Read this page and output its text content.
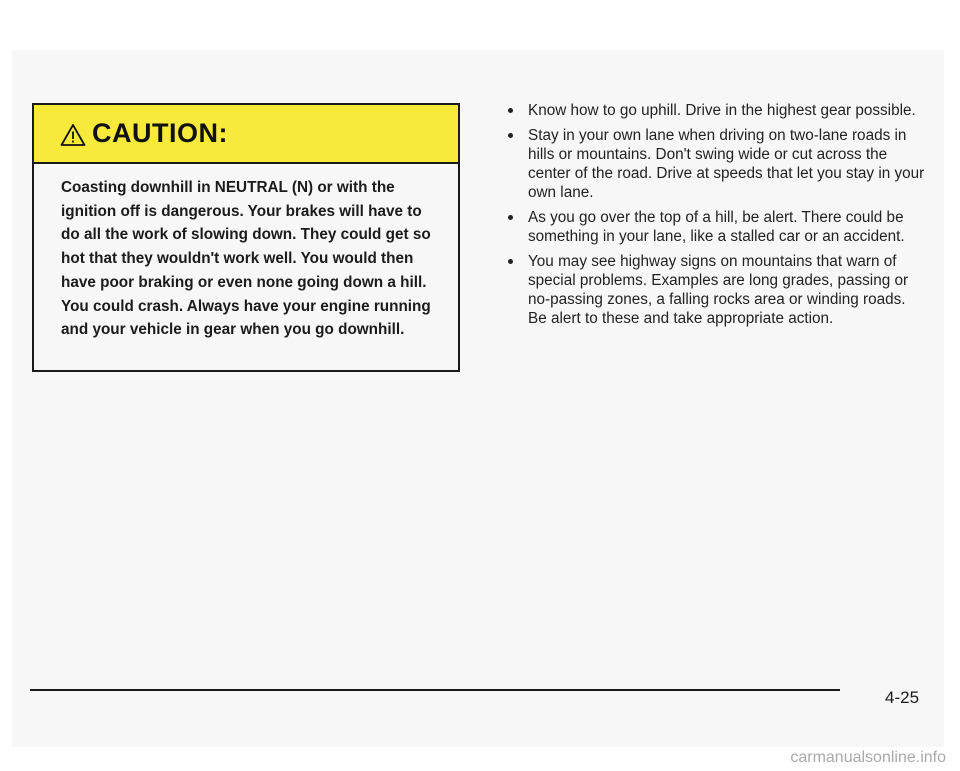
CAUTION:

Coasting downhill in NEUTRAL (N) or with the ignition off is dangerous. Your brakes will have to do all the work of slowing down. They could get so hot that they wouldn't work well. You would then have poor braking or even none going down a hill. You could crash. Always have your engine running and your vehicle in gear when you go downhill.

Know how to go uphill. Drive in the highest gear possible.
Stay in your own lane when driving on two-lane roads in hills or mountains. Don't swing wide or cut across the center of the road. Drive at speeds that let you stay in your own lane.
As you go over the top of a hill, be alert. There could be something in your lane, like a stalled car or an accident.
You may see highway signs on mountains that warn of special problems. Examples are long grades, passing or no-passing zones, a falling rocks area or winding roads. Be alert to these and take appropriate action.
4-25
carmanualsonline.info
